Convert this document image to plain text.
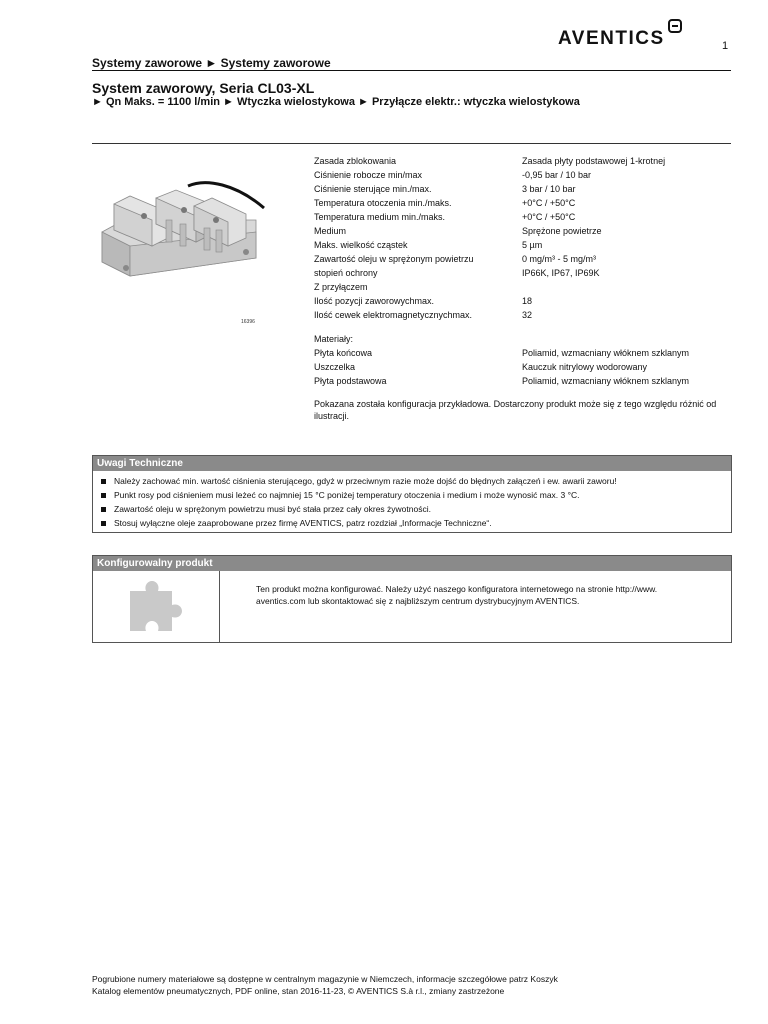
AVENTICS	1
Systemy zaworowe ► Systemy zaworowe
System zaworowy, Seria CL03-XL
► Qn Maks. = 1100 l/min ► Wtyczka wielostykowa ► Przyłącze elektr.: wtyczka wielostykowa
16396
Zasada zblokowania	Zasada płyty podstawowej 1-krotnej
Ciśnienie robocze min/max	-0,95 bar / 10 bar
Ciśnienie sterujące min./max.	3 bar / 10 bar
Temperatura otoczenia min./maks.	+0°C / +50°C
Temperatura medium min./maks.	+0°C / +50°C
Medium	Sprężone powietrze
Maks. wielkość cząstek	5 µm
Zawartość oleju w sprężonym powietrzu	0 mg/m³ - 5 mg/m³
stopień ochrony	IP66K, IP67, IP69K
Z przyłączem
Ilość pozycji zaworowychmax.	18
Ilość cewek elektromagnetycznychmax.	32
Materiały:
Płyta końcowa	Poliamid, wzmacniany włóknem szklanym
Uszczelka	Kauczuk nitrylowy wodorowany
Płyta podstawowa	Poliamid, wzmacniany włóknem szklanym
Pokazana została konfiguracja przykładowa. Dostarczony produkt może się z tego względu różnić od ilustracji.
Uwagi Techniczne
Należy zachować min. wartość ciśnienia sterującego, gdyż w przeciwnym razie może dojść do błędnych załączeń i ew. awarii zaworu!
Punkt rosy pod ciśnieniem musi leżeć co najmniej 15 °C poniżej temperatury otoczenia i medium i może wynosić max. 3 °C.
Zawartość oleju w sprężonym powietrzu musi być stała przez cały okres żywotności.
Stosuj wyłączne oleje zaaprobowane przez firmę AVENTICS, patrz rozdział „Informacje Techniczne“.
Konfigurowalny produkt
Ten produkt można konfigurować. Należy użyć naszego konfiguratora internetowego na stronie http://www. aventics.com lub skontaktować się z najbliższym centrum dystrybucyjnym AVENTICS.
Pogrubione numery materiałowe są dostępne w centralnym magazynie w Niemczech, informacje szczegółowe patrz Koszyk
Katalog elementów pneumatycznych, PDF online, stan 2016-11-23, © AVENTICS S.à r.l., zmiany zastrzeżone
